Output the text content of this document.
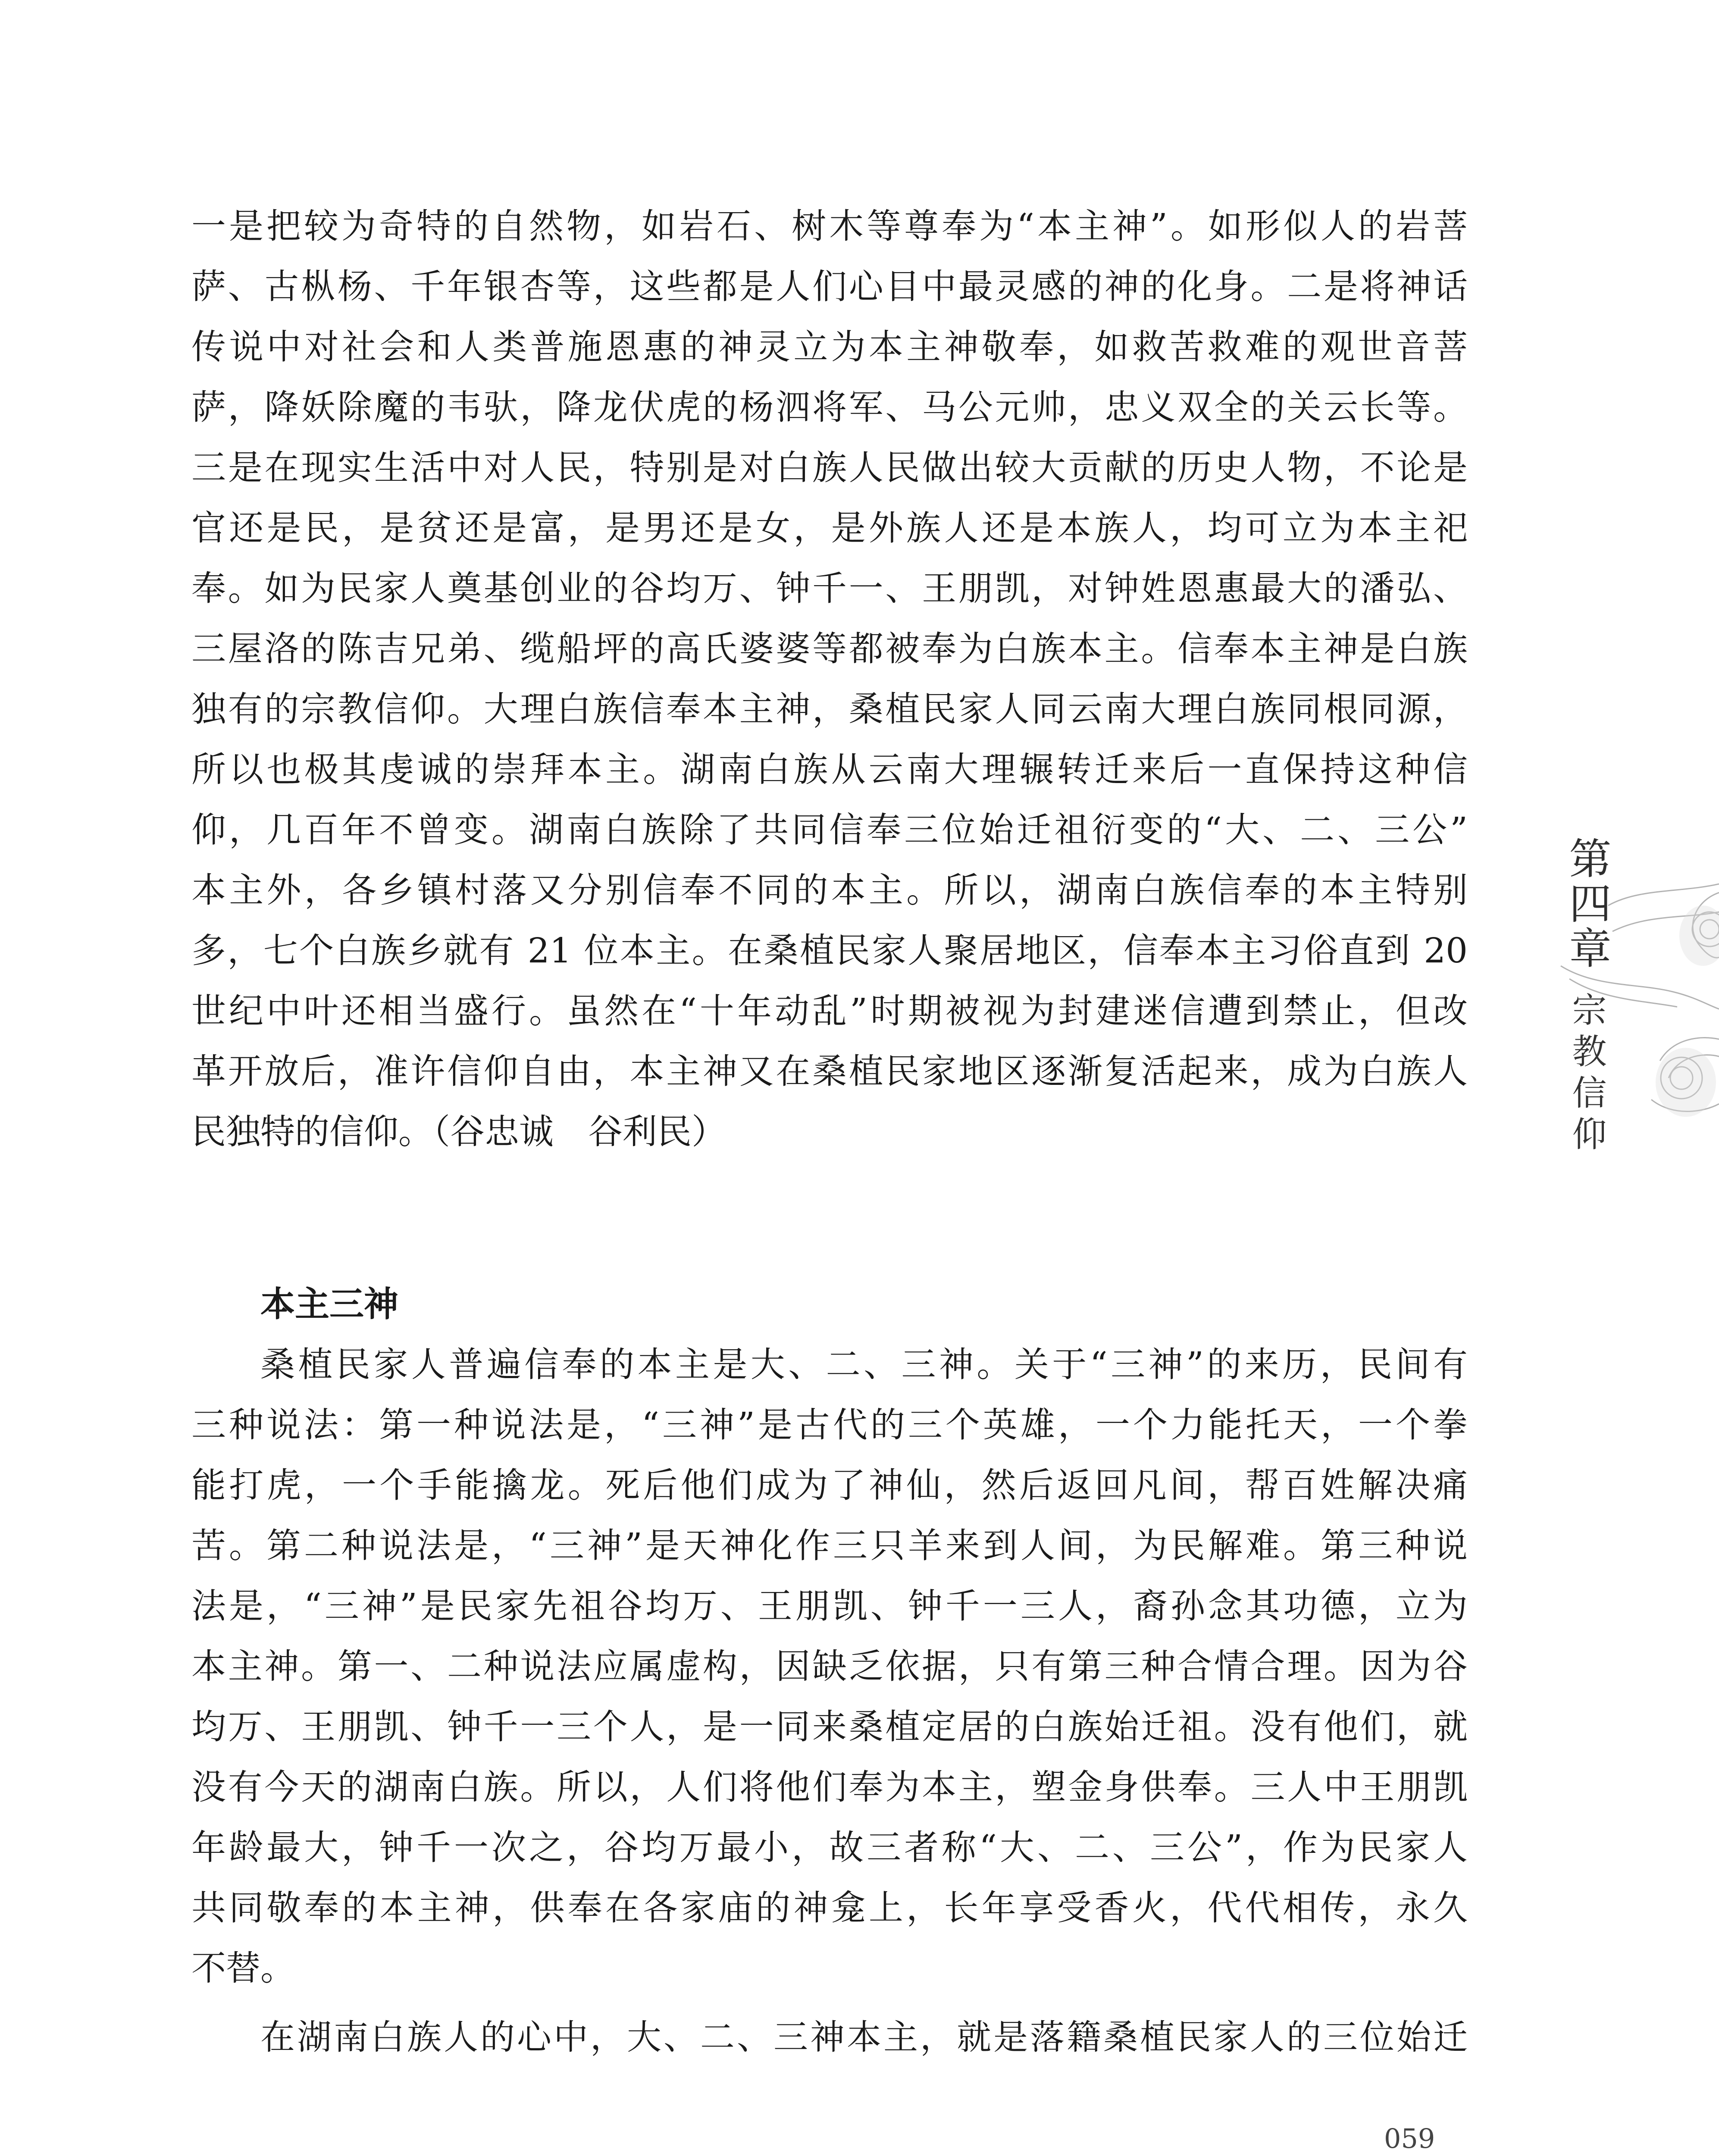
第四章
宗教信仰
一是把较为奇特的自然物，如岩石、树木等尊奉为“本主神”。如形似人的岩菩
萨、古枞杨、千年银杏等，这些都是人们心目中最灵感的神的化身。二是将神话
传说中对社会和人类普施恩惠的神灵立为本主神敬奉，如救苦救难的观世音菩
萨，降妖除魔的韦驮，降龙伏虎的杨泗将军、马公元帅，忠义双全的关云长等。
三是在现实生活中对人民，特别是对白族人民做出较大贡献的历史人物，不论是
官还是民，是贫还是富，是男还是女，是外族人还是本族人，均可立为本主祀
奉。如为民家人奠基创业的谷均万、钟千一、王朋凯，对钟姓恩惠最大的潘弘、
三屋洛的陈吉兄弟、缆船坪的高氏婆婆等都被奉为白族本主。信奉本主神是白族
独有的宗教信仰。大理白族信奉本主神，桑植民家人同云南大理白族同根同源，
所以也极其虔诚的崇拜本主。湖南白族从云南大理辗转迁来后一直保持这种信
仰，几百年不曾变。湖南白族除了共同信奉三位始迁祖衍变的“大、二、三公”
本主外，各乡镇村落又分别信奉不同的本主。所以，湖南白族信奉的本主特别
多，七个白族乡就有 21 位本主。在桑植民家人聚居地区，信奉本主习俗直到 20
世纪中叶还相当盛行。虽然在“十年动乱”时期被视为封建迷信遭到禁止，但改
革开放后，准许信仰自由，本主神又在桑植民家地区逐渐复活起来，成为白族人
民独特的信仰。（谷忠诚　谷利民）
本主三神
桑植民家人普遍信奉的本主是大、二、三神。关于“三神”的来历，民间有
三种说法：第一种说法是，“三神”是古代的三个英雄，一个力能托天，一个拳
能打虎，一个手能擒龙。死后他们成为了神仙，然后返回凡间，帮百姓解决痛
苦。第二种说法是，“三神”是天神化作三只羊来到人间，为民解难。第三种说
法是，“三神”是民家先祖谷均万、王朋凯、钟千一三人，裔孙念其功德，立为
本主神。第一、二种说法应属虚构，因缺乏依据，只有第三种合情合理。因为谷
均万、王朋凯、钟千一三个人，是一同来桑植定居的白族始迁祖。没有他们，就
没有今天的湖南白族。所以，人们将他们奉为本主，塑金身供奉。三人中王朋凯
年龄最大，钟千一次之，谷均万最小，故三者称“大、二、三公”，作为民家人
共同敬奉的本主神，供奉在各家庙的神龛上，长年享受香火，代代相传，永久
不替。
在湖南白族人的心中，大、二、三神本主，就是落籍桑植民家人的三位始迁
059
